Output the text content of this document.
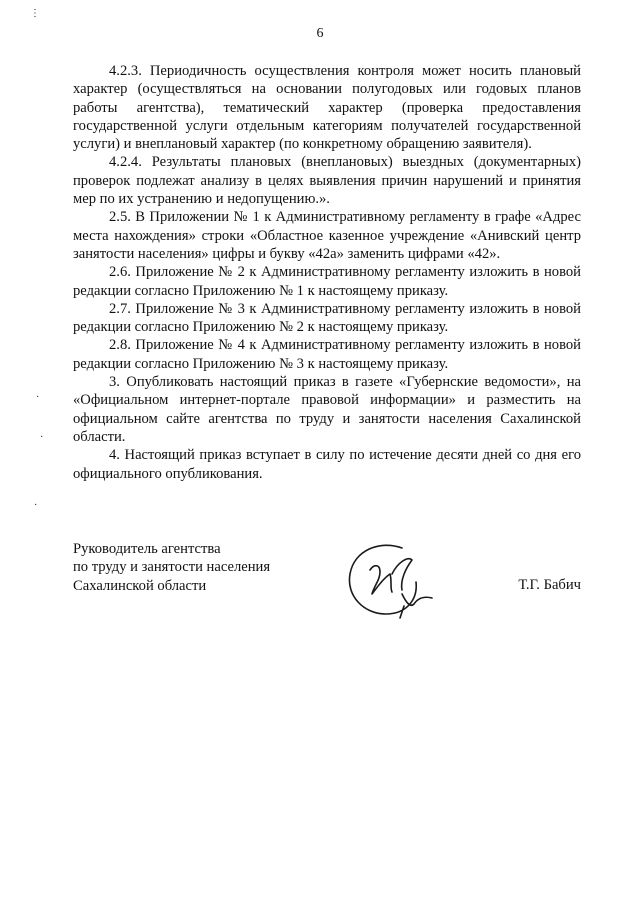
⋮
·
·
·
6

4.2.3. Периодичность осуществления контроля может носить плановый характер (осуществляться на основании полугодовых или годовых планов работы агентства), тематический характер (проверка предоставления государственной услуги отдельным категориям получателей государственной услуги) и внеплановый характер (по конкретному обращению заявителя).

4.2.4. Результаты плановых (внеплановых) выездных (документарных) проверок подлежат анализу в целях выявления причин нарушений и принятия мер по их устранению и недопущению.».

2.5. В Приложении № 1 к Административному регламенту в графе «Адрес места нахождения» строки «Областное казенное учреждение «Анивский центр занятости населения» цифры и букву «42а» заменить цифрами «42».

2.6. Приложение № 2 к Административному регламенту изложить в новой редакции согласно Приложению № 1 к настоящему приказу.

2.7. Приложение № 3 к Административному регламенту изложить в новой редакции согласно Приложению № 2 к настоящему приказу.

2.8. Приложение № 4 к Административному регламенту изложить в новой редакции согласно Приложению № 3 к настоящему приказу.

3. Опубликовать настоящий приказ в газете «Губернские ведомости», на «Официальном интернет-портале правовой информации» и разместить на официальном сайте агентства по труду и занятости населения Сахалинской области.

4. Настоящий приказ вступает в силу по истечение десяти дней со дня его официального опубликования.

Руководитель агентства
по труду и занятости населения
Сахалинской области	Т.Г. Бабич
